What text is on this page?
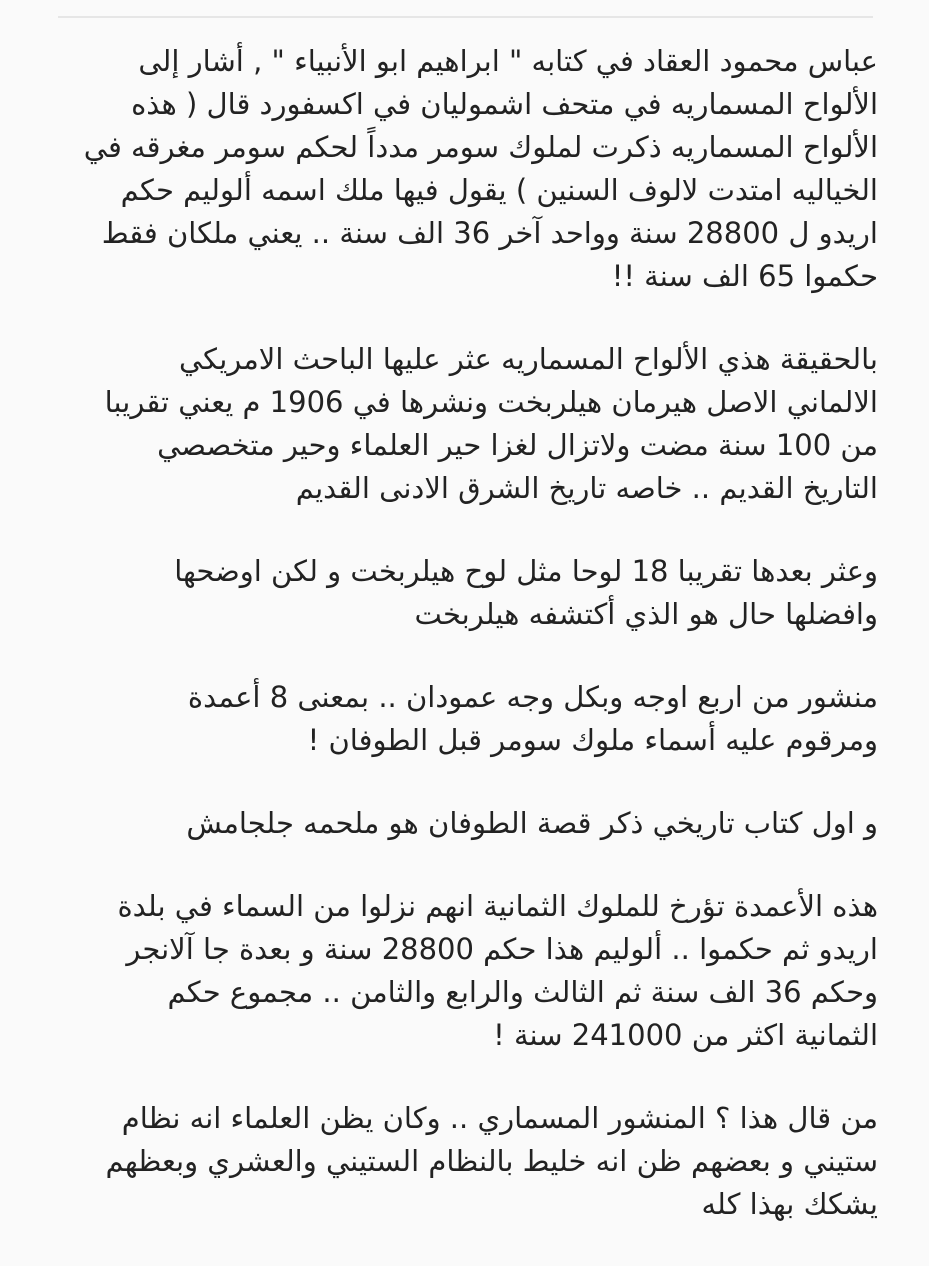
عباس محمود العقاد في كتابه " ابراهيم ابو الأنبياء " , أشار إلى
الألواح المسماريه في متحف اشموليان في اكسفورد قال ( هذه
الألواح المسماريه ذكرت لملوك سومر مدداً لحكم سومر مغرقه في
الخياليه امتدت لالوف السنين ) يقول فيها ملك اسمه ألوليم حكم
اريدو ل 28800 سنة وواحد آخر 36 الف سنة .. يعني ملكان فقط
حكموا 65 الف سنة !!

بالحقيقة هذي الألواح المسماريه عثر عليها الباحث الامريكي
الالماني الاصل هيرمان هيلربخت ونشرها في 1906 م يعني تقريبا
من 100 سنة مضت ولاتزال لغزا حير العلماء وحير متخصصي
التاريخ القديم .. خاصه تاريخ الشرق الادنى القديم

وعثر بعدها تقريبا 18 لوحا مثل لوح هيلربخت و لكن اوضحها
وافضلها حال هو الذي أكتشفه هيلربخت

منشور من اربع اوجه وبكل وجه عمودان .. بمعنى 8 أعمدة
ومرقوم عليه أسماء ملوك سومر قبل الطوفان !

و اول كتاب تاريخي ذكر قصة الطوفان هو ملحمه جلجامش

هذه الأعمدة تؤرخ للملوك الثمانية انهم نزلوا من السماء في بلدة
اريدو ثم حكموا .. ألوليم هذا حكم 28800 سنة و بعدة جا آلانجر
وحكم 36 الف سنة ثم الثالث والرابع والثامن .. مجموع حكم
الثمانية اكثر من 241000 سنة !

من قال هذا ؟ المنشور المسماري .. وكان يظن العلماء انه نظام
ستيني و بعضهم ظن انه خليط بالنظام الستيني والعشري وبعظهم
يشكك بهذا كله
